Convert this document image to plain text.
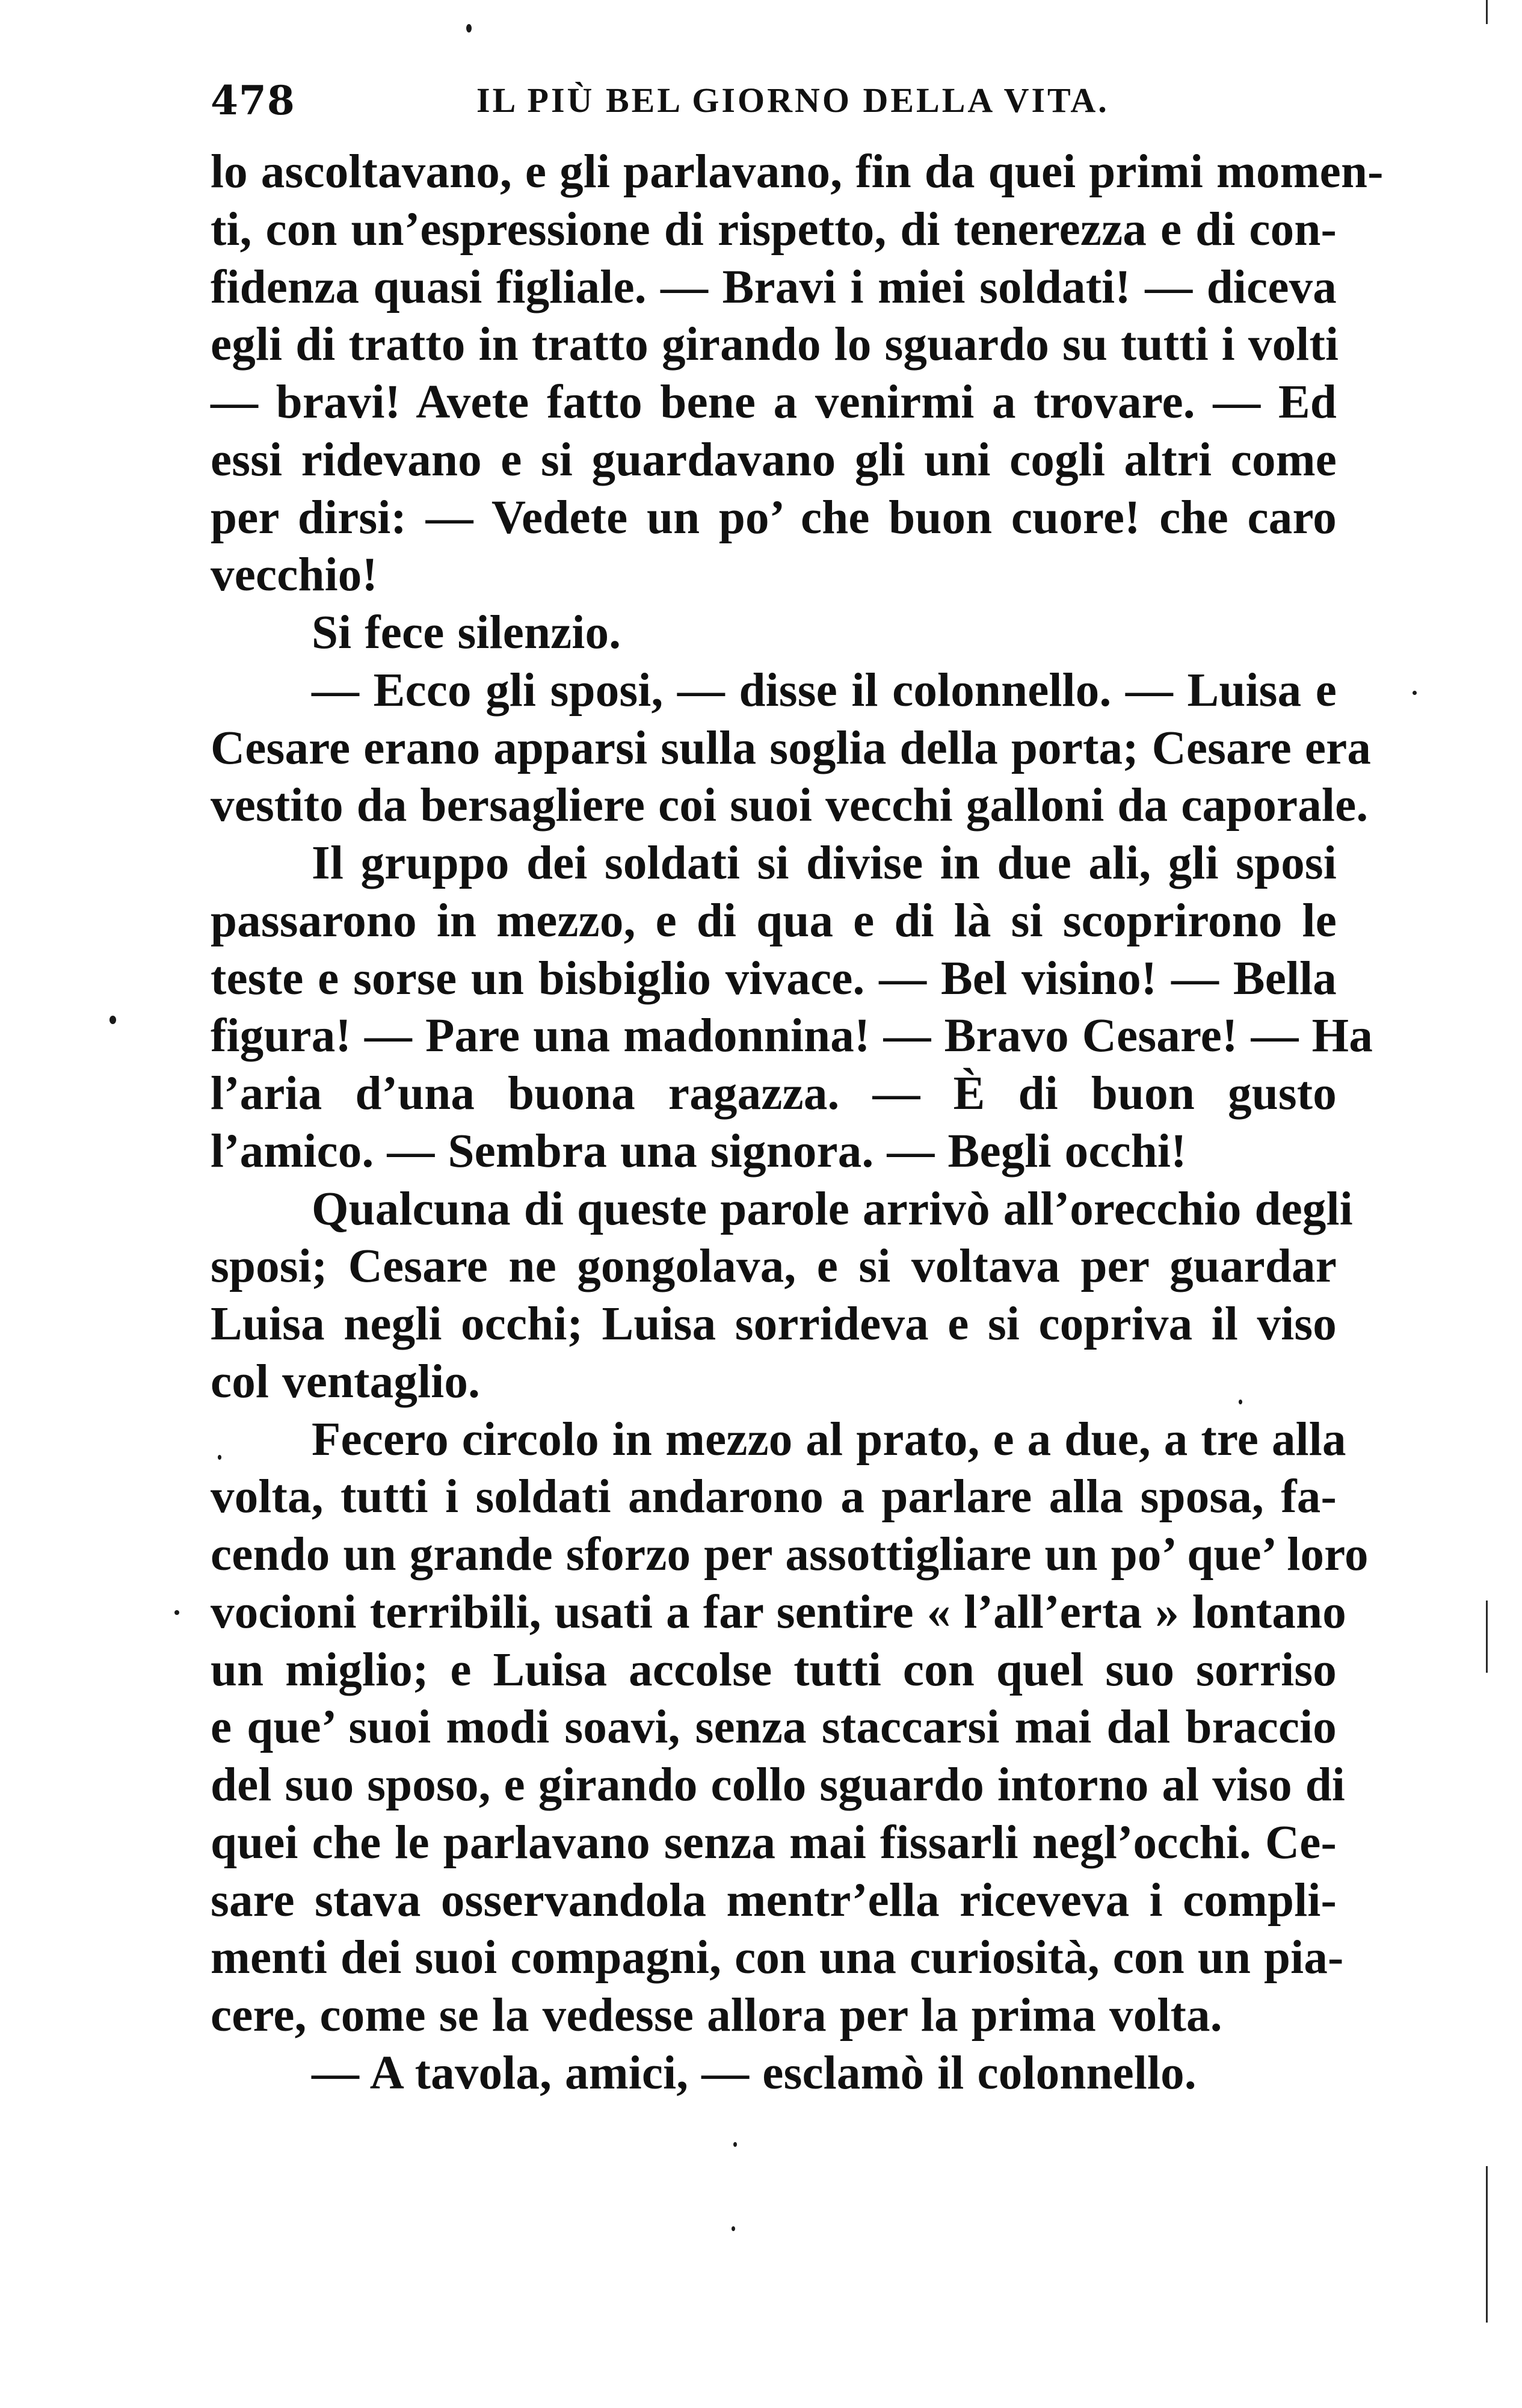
478	IL PIÙ BEL GIORNO DELLA VITA.

lo ascoltavano, e gli parlavano, fin da quei primi momen-
ti, con un’espressione di rispetto, di tenerezza e di con-
fidenza quasi figliale. — Bravi i miei soldati! — diceva
egli di tratto in tratto girando lo sguardo su tutti i volti
— bravi! Avete fatto bene a venirmi a trovare. — Ed
essi ridevano e si guardavano gli uni cogli altri come
per dirsi: — Vedete un po’ che buon cuore! che caro
vecchio!

Si fece silenzio.

— Ecco gli sposi, — disse il colonnello. — Luisa e
Cesare erano apparsi sulla soglia della porta; Cesare era
vestito da bersagliere coi suoi vecchi galloni da caporale.

Il gruppo dei soldati si divise in due ali, gli sposi
passarono in mezzo, e di qua e di là si scoprirono le
teste e sorse un bisbiglio vivace. — Bel visino! — Bella
figura! — Pare una madonnina! — Bravo Cesare! — Ha
l’aria d’una buona ragazza. — È di buon gusto
l’amico. — Sembra una signora. — Begli occhi!

Qualcuna di queste parole arrivò all’orecchio degli
sposi; Cesare ne gongolava, e si voltava per guardar
Luisa negli occhi; Luisa sorrideva e si copriva il viso
col ventaglio.

Fecero circolo in mezzo al prato, e a due, a tre alla
volta, tutti i soldati andarono a parlare alla sposa, fa-
cendo un grande sforzo per assottigliare un po’ que’ loro
vocioni terribili, usati a far sentire « l’all’erta » lontano
un miglio; e Luisa accolse tutti con quel suo sorriso
e que’ suoi modi soavi, senza staccarsi mai dal braccio
del suo sposo, e girando collo sguardo intorno al viso di
quei che le parlavano senza mai fissarli negl’occhi. Ce-
sare stava osservandola mentr’ella riceveva i compli-
menti dei suoi compagni, con una curiosità, con un pia-
cere, come se la vedesse allora per la prima volta.

— A tavola, amici, — esclamò il colonnello.
